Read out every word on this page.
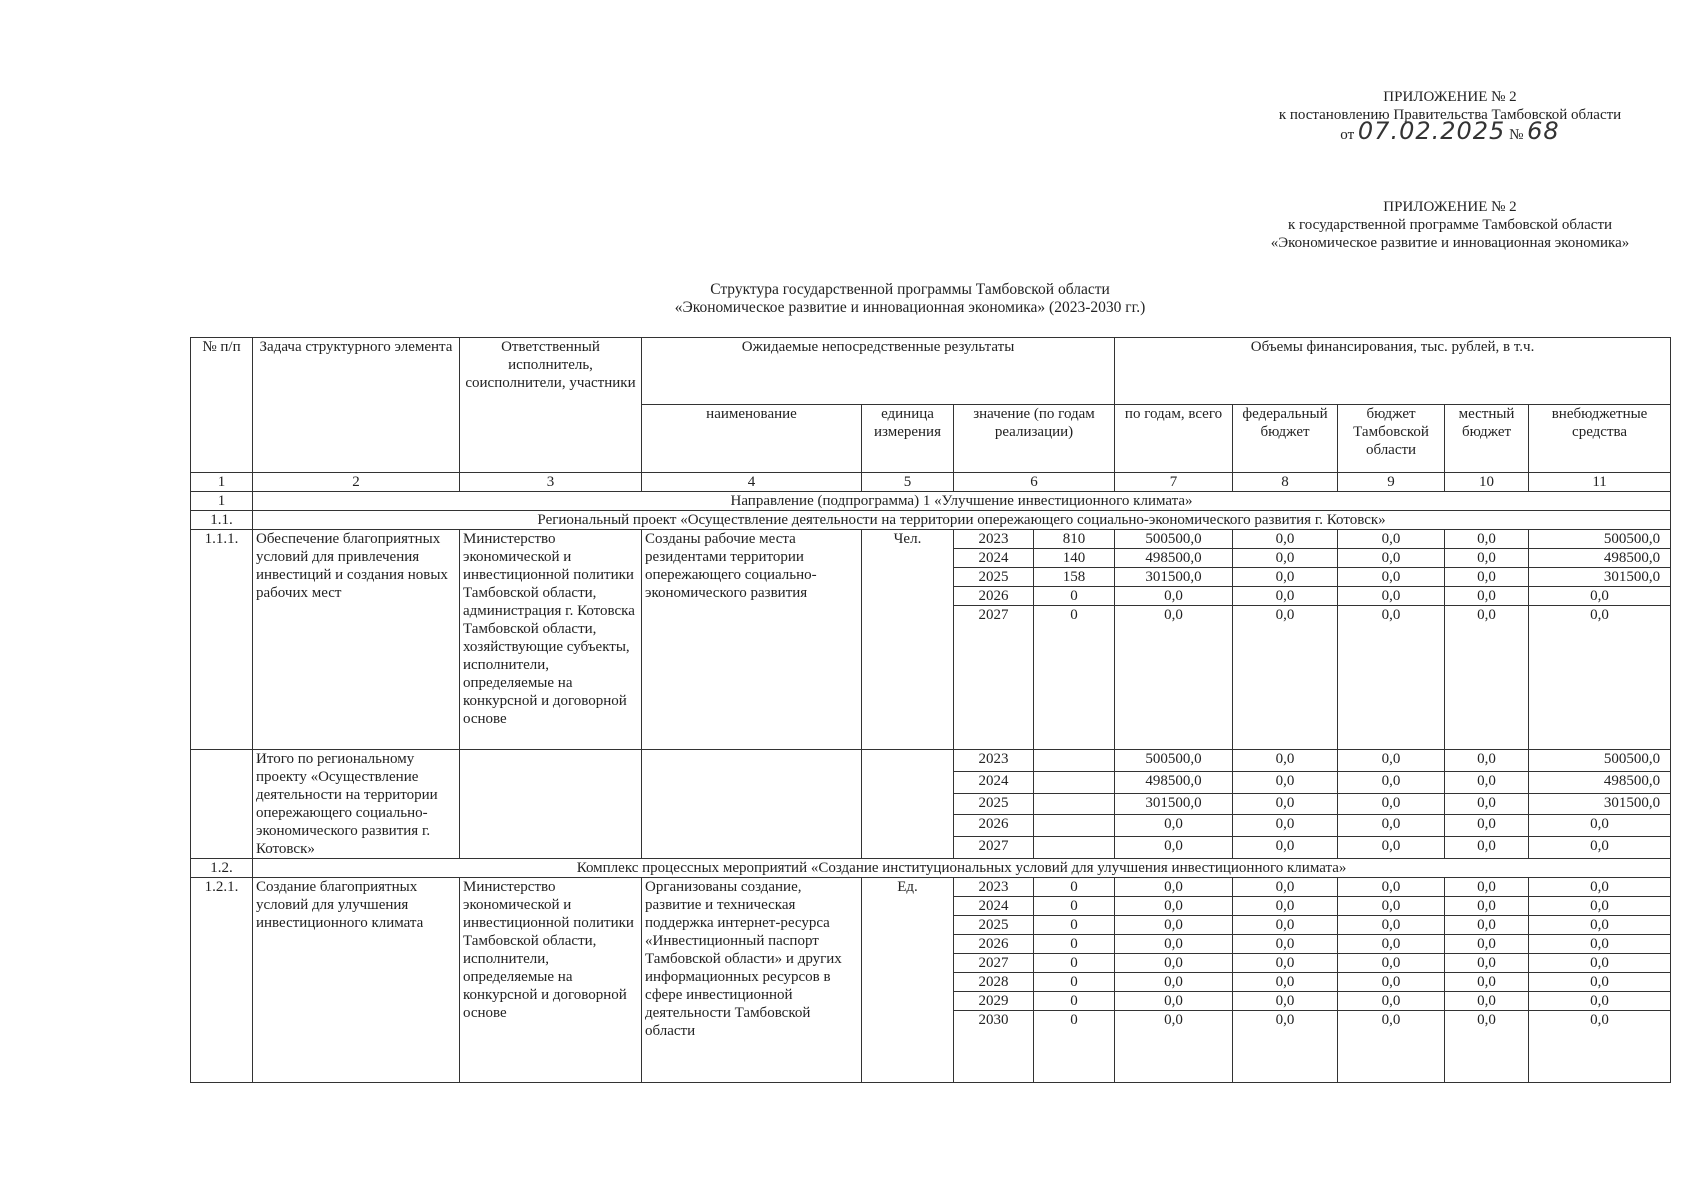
ПРИЛОЖЕНИЕ № 2
к постановлению Правительства Тамбовской области
от 07.02.2025 № 68
ПРИЛОЖЕНИЕ № 2
к государственной программе Тамбовской области
«Экономическое развитие и инновационная экономика»
Структура государственной программы Тамбовской области
«Экономическое развитие и инновационная экономика» (2023-2030 гг.)
№ п/п	Задача структурного элемента	Ответственный исполнитель, соисполнители, участники	Ожидаемые непосредственные результаты				Объемы финансирования, тыс. рублей, в т.ч.				
			наименование	единица измерения	значение (по годам реализации)		по годам, всего	федеральный бюджет	бюджет Тамбовской области	местный бюджет	внебюджетные средства
1	2	3	4	5	6		7	8	9	10	11
1	Направление (подпрограмма) 1 «Улучшение инвестиционного климата»										
1.1.	Региональный проект «Осуществление деятельности на территории опережающего социально-экономического развития г. Котовск»										
1.1.1.	Обеспечение благоприятных условий для привлечения инвестиций и создания новых рабочих мест	Министерство экономической и инвестиционной политики Тамбовской области, администрация г. Котовска Тамбовской области, хозяйствующие субъекты, исполнители, определяемые на конкурсной и договорной основе	Созданы рабочие места резидентами территории опережающего социально-экономического развития	Чел.	2023	810	500500,0	0,0	0,0	0,0	500500,0
					2024	140	498500,0	0,0	0,0	0,0	498500,0
					2025	158	301500,0	0,0	0,0	0,0	301500,0
					2026	0	0,0	0,0	0,0	0,0	0,0
					2027	0	0,0	0,0	0,0	0,0	0,0
	Итого по региональному проекту «Осуществление деятельности на территории опережающего социально-экономического развития г. Котовск»				2023		500500,0	0,0	0,0	0,0	500500,0
					2024		498500,0	0,0	0,0	0,0	498500,0
					2025		301500,0	0,0	0,0	0,0	301500,0
					2026		0,0	0,0	0,0	0,0	0,0
					2027		0,0	0,0	0,0	0,0	0,0
1.2.	Комплекс процессных мероприятий «Создание институциональных условий для улучшения инвестиционного климата»										
1.2.1.	Создание благоприятных условий для улучшения инвестиционного климата	Министерство экономической и инвестиционной политики Тамбовской области, исполнители, определяемые на конкурсной и договорной основе	Организованы создание, развитие и техническая поддержка интернет-ресурса «Инвестиционный паспорт Тамбовской области» и других информационных ресурсов в сфере инвестиционной деятельности Тамбовской области	Ед.	2023	0	0,0	0,0	0,0	0,0	0,0
					2024	0	0,0	0,0	0,0	0,0	0,0
					2025	0	0,0	0,0	0,0	0,0	0,0
					2026	0	0,0	0,0	0,0	0,0	0,0
					2027	0	0,0	0,0	0,0	0,0	0,0
					2028	0	0,0	0,0	0,0	0,0	0,0
					2029	0	0,0	0,0	0,0	0,0	0,0
					2030	0	0,0	0,0	0,0	0,0	0,0
